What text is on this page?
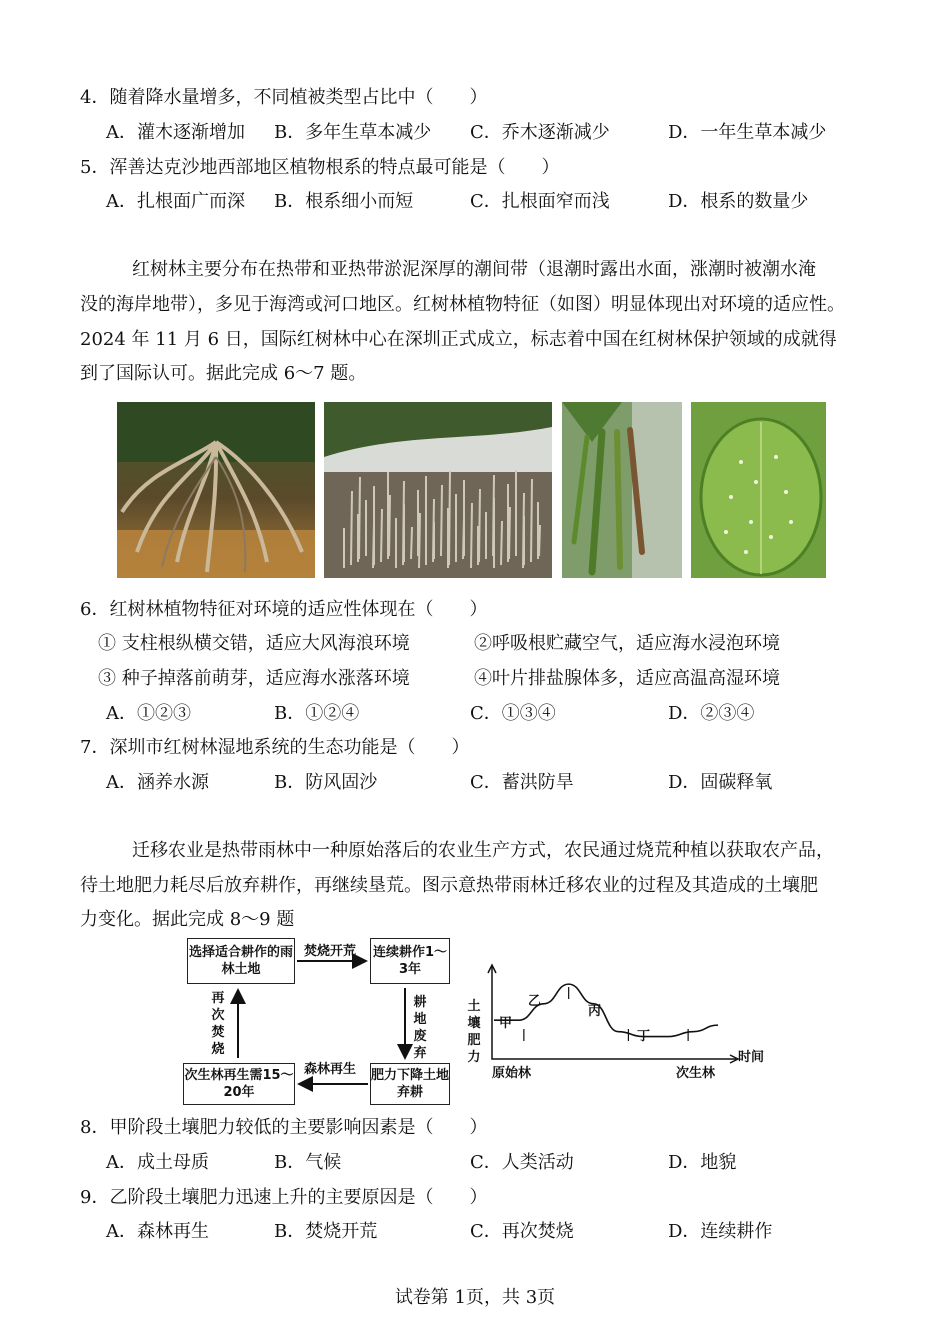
4．随着降水量增多，不同植被类型占比中（　　）
A．灌木逐渐增加 B．多年生草本减少 C．乔木逐渐减少	D．一年生草本减少
5．浑善达克沙地西部地区植物根系的特点最可能是（　　）
A．扎根面广而深 B．根系细小而短	C．扎根面窄而浅	D．根系的数量少
红树林主要分布在热带和亚热带淤泥深厚的潮间带（退潮时露出水面，涨潮时被潮水淹
没的海岸地带），多见于海湾或河口地区。红树林植物特征（如图）明显体现出对环境的适应性。
2024 年 11 月 6 日，国际红树林中心在深圳正式成立，标志着中国在红树林保护领域的成就得
到了国际认可。据此完成 6～7 题。
6．红树林植物特征对环境的适应性体现在（　　）
① 支柱根纵横交错，适应大风海浪环境	②呼吸根贮藏空气，适应海水浸泡环境
③ 种子掉落前萌芽，适应海水涨落环境	④叶片排盐腺体多，适应高温高湿环境
A．①②③	B．①②④	C．①③④	D．②③④
7．深圳市红树林湿地系统的生态功能是（　　）
A．涵养水源	B．防风固沙	C．蓄洪防旱	D．固碳释氧
迁移农业是热带雨林中一种原始落后的农业生产方式，农民通过烧荒种植以获取农产品，
待土地肥力耗尽后放弃耕作，再继续垦荒。图示意热带雨林迁移农业的过程及其造成的土壤肥
力变化。据此完成 8～9 题
选择适合耕作的雨林土地
连续耕作1～3年
肥力下降土地弃耕
次生林再生需15～20年
焚烧开荒
耕
地
废
弃
森林再生
再
次
焚
烧
土
壤
肥
力	时间
原始林	次生林
甲
乙
丙
丁
8．甲阶段土壤肥力较低的主要影响因素是（　　）
A．成土母质	B．气候	C．人类活动	D．地貌
9．乙阶段土壤肥力迅速上升的主要原因是（　　）
A．森林再生	B．焚烧开荒	C．再次焚烧	D．连续耕作
试卷第 1页，共 3页
